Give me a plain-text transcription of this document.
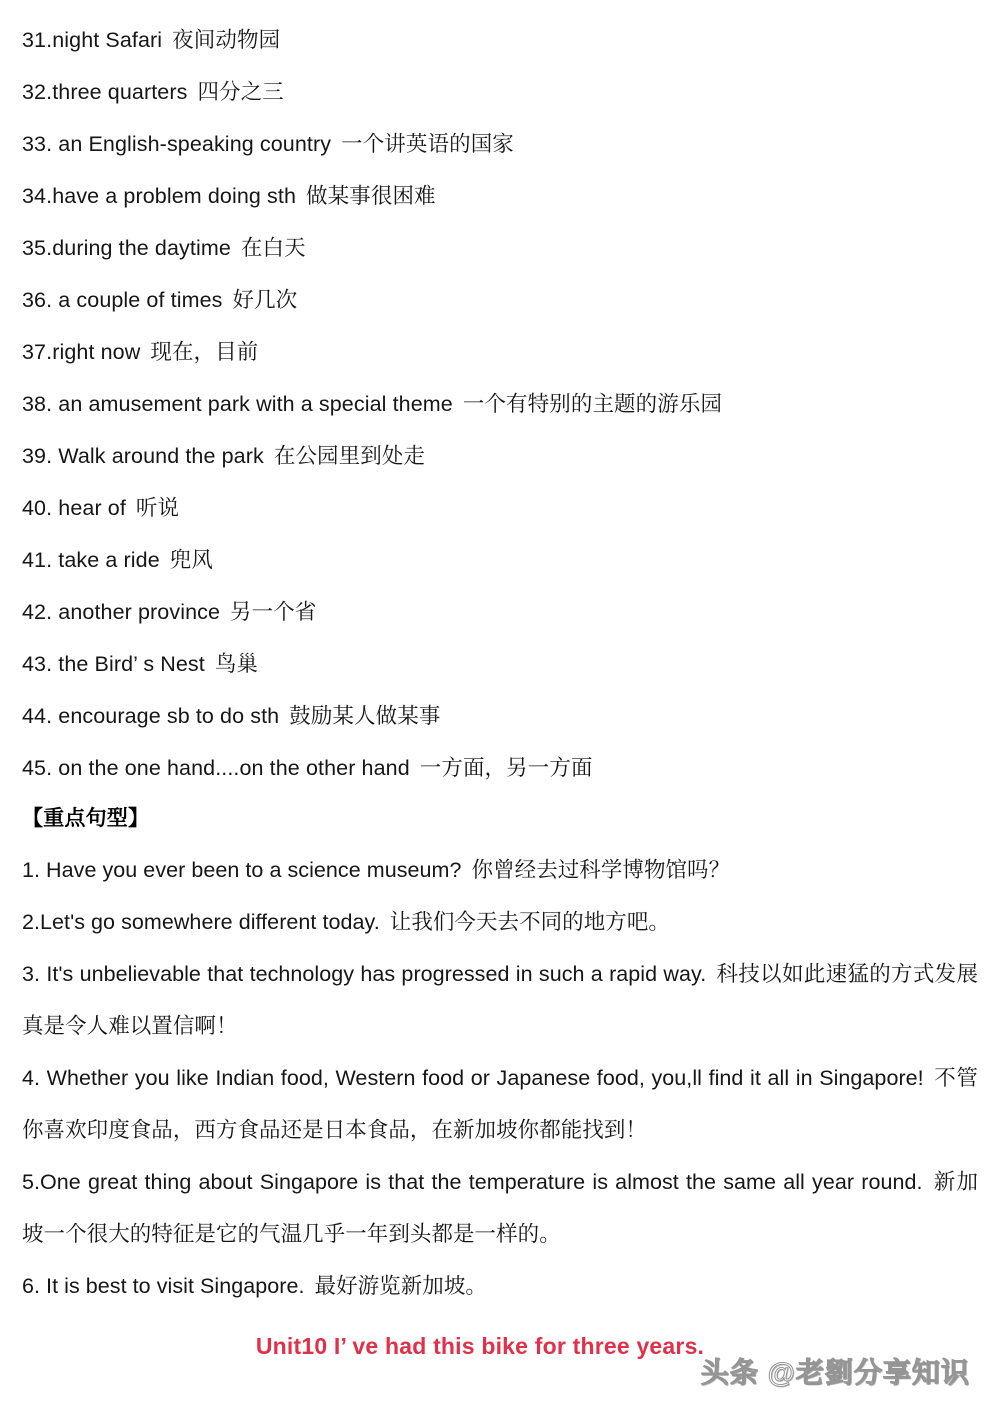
31.night Safari 夜间动物园
32.three quarters 四分之三
33. an English-speaking country 一个讲英语的国家
34.have a problem doing sth 做某事很困难
35.during the daytime 在白天
36. a couple of times 好几次
37.right now 现在，目前
38. an amusement park with a special theme 一个有特别的主题的游乐园
39. Walk around the park 在公园里到处走
40. hear of 听说
41. take a ride 兜风
42. another province 另一个省
43. the Bird’ s Nest 鸟巢
44. encourage sb to do sth 鼓励某人做某事
45. on the one hand....on the other hand 一方面，另一方面
【重点句型】
1. Have you ever been to a science museum? 你曾经去过科学博物馆吗？
2.Let's go somewhere different today. 让我们今天去不同的地方吧。
3. It's unbelievable that technology has progressed in such a rapid way. 科技以如此速猛的方式发展真是令人难以置信啊！
4. Whether you like Indian food, Western food or Japanese food, you,ll find it all in Singapore! 不管你喜欢印度食品，西方食品还是日本食品，在新加坡你都能找到！
5.One great thing about Singapore is that the temperature is almost the same all year round. 新加坡一个很大的特征是它的气温几乎一年到头都是一样的。
6. It is best to visit Singapore. 最好游览新加坡。
Unit10 I’ ve had this bike for three years.
头条 @老劉分享知识
